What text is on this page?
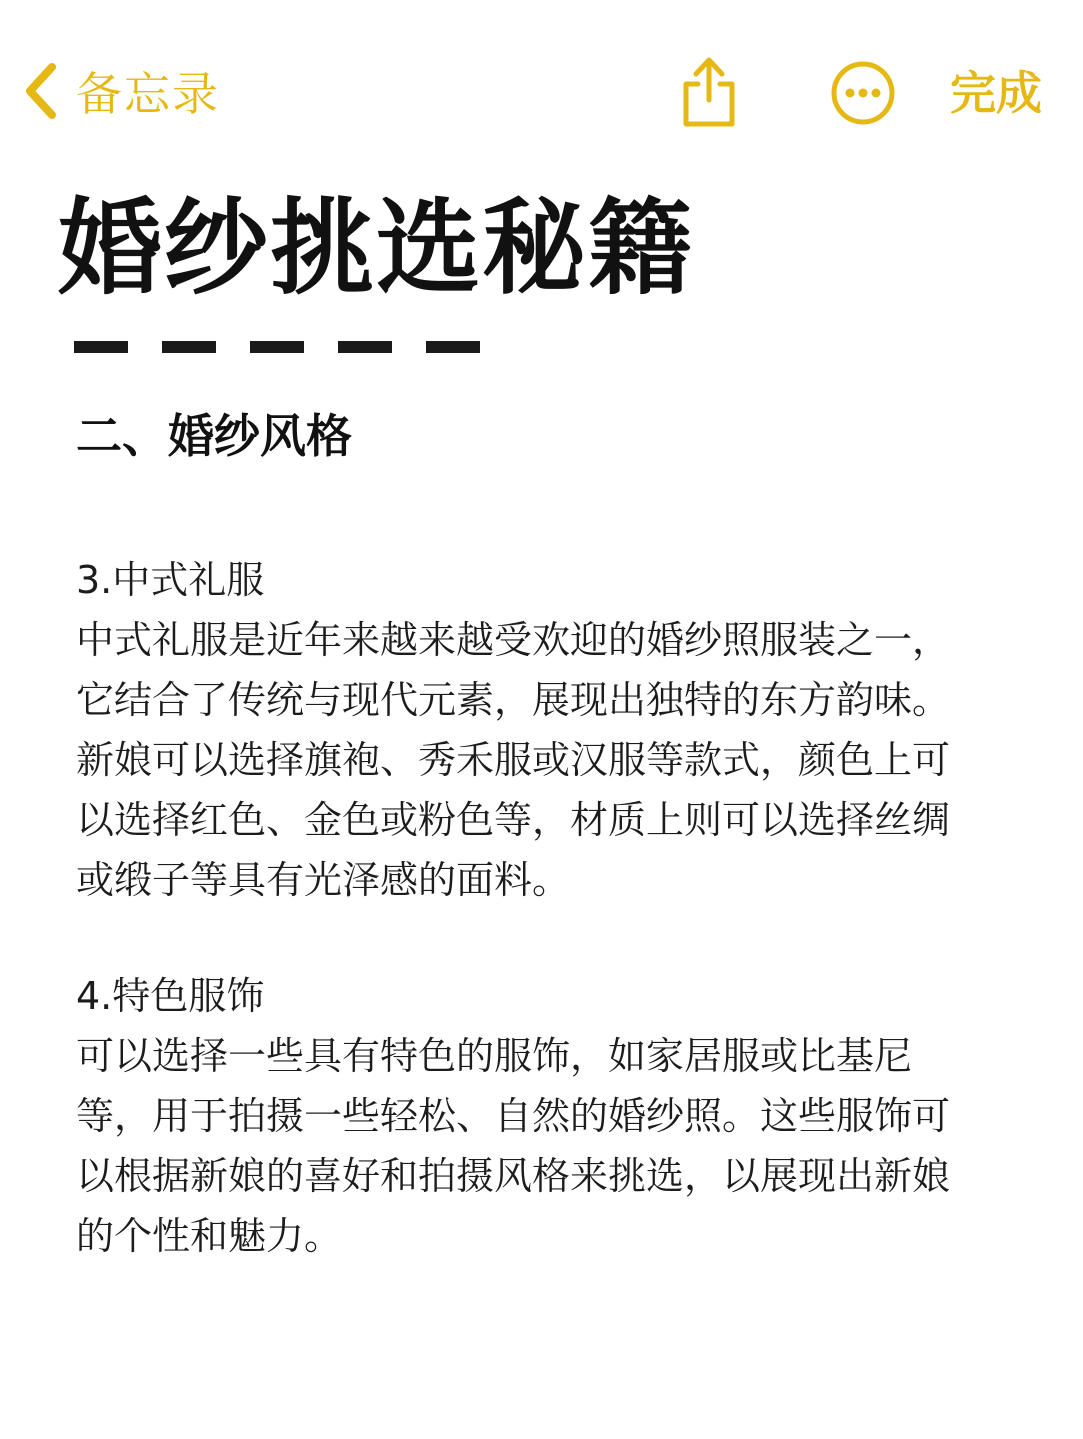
备忘录	完成
婚纱挑选秘籍
二、婚纱风格
3.中式礼服
中式礼服是近年来越来越受欢迎的婚纱照服装之一，
它结合了传统与现代元素，展现出独特的东方韵味。
新娘可以选择旗袍、秀禾服或汉服等款式，颜色上可
以选择红色、金色或粉色等，材质上则可以选择丝绸
或缎子等具有光泽感的面料。
4.特色服饰
可以选择一些具有特色的服饰，如家居服或比基尼
等，用于拍摄一些轻松、自然的婚纱照。这些服饰可
以根据新娘的喜好和拍摄风格来挑选，以展现出新娘
的个性和魅力。
